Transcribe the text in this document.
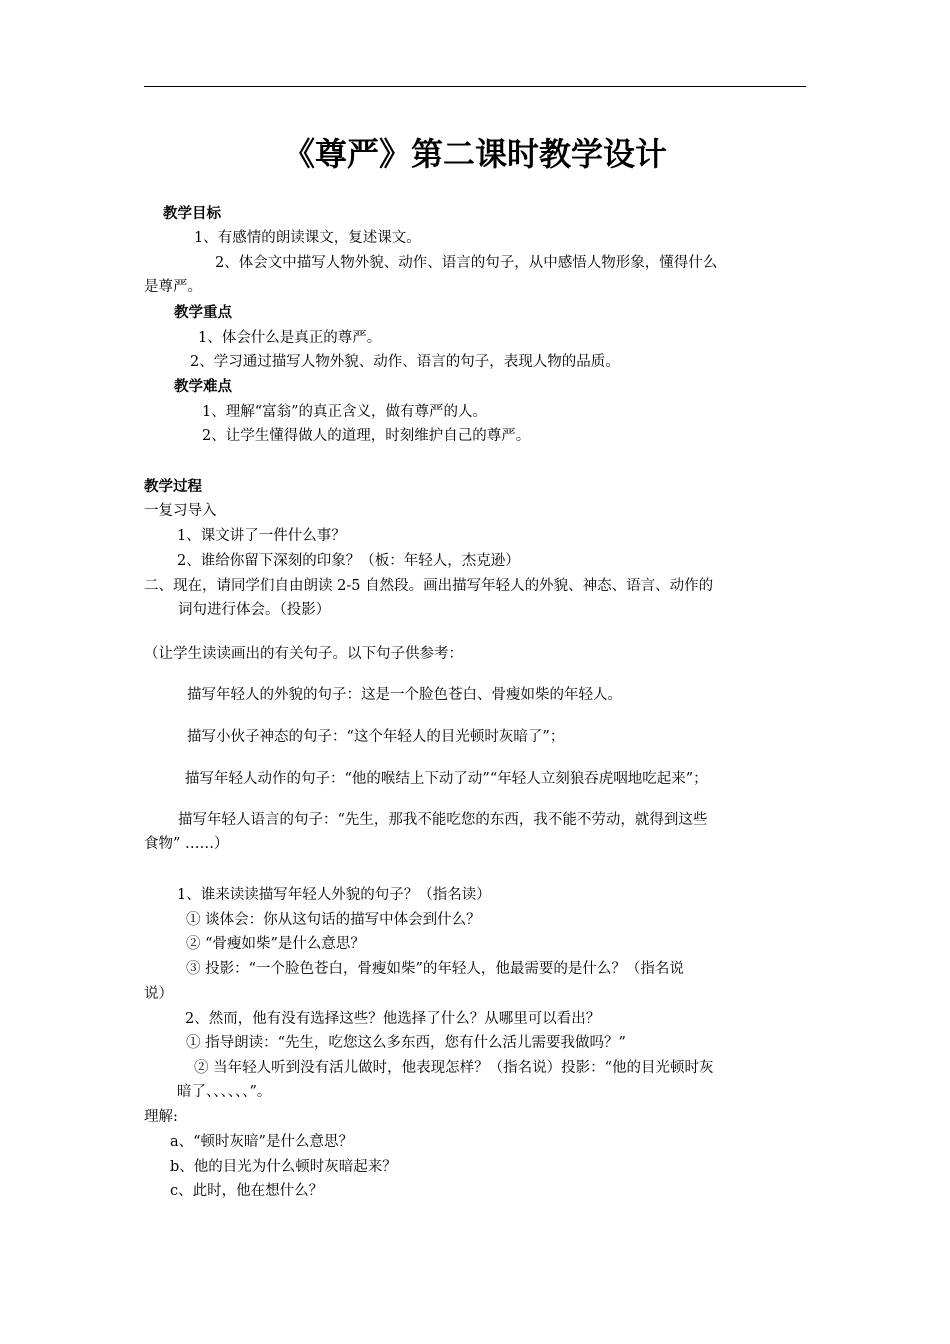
《尊严》第二课时教学设计
教学目标
1、有感情的朗读课文，复述课文。
2、体会文中描写人物外貌、动作、语言的句子，从中感悟人物形象，懂得什么
是尊严。
教学重点
1、体会什么是真正的尊严。
2、学习通过描写人物外貌、动作、语言的句子，表现人物的品质。
教学难点
1、理解“富翁”的真正含义，做有尊严的人。
2、让学生懂得做人的道理，时刻维护自己的尊严。
教学过程
一复习导入
1、课文讲了一件什么事？
2、谁给你留下深刻的印象？（板：年轻人，杰克逊）
二、现在，请同学们自由朗读 2-5 自然段。画出描写年轻人的外貌、神态、语言、动作的
词句进行体会。（投影）
（让学生读读画出的有关句子。以下句子供参考：
描写年轻人的外貌的句子：这是一个脸色苍白、骨瘦如柴的年轻人。
描写小伙子神态的句子：“这个年轻人的目光顿时灰暗了”；
描写年轻人动作的句子：“他的喉结上下动了动”“年轻人立刻狼吞虎咽地吃起来”；
描写年轻人语言的句子：“先生，那我不能吃您的东西，我不能不劳动，就得到这些
食物” ……）
1、谁来读读描写年轻人外貌的句子？（指名读）
① 谈体会：你从这句话的描写中体会到什么？
② “骨瘦如柴”是什么意思？
③ 投影：“一个脸色苍白，骨瘦如柴”的年轻人，他最需要的是什么？（指名说
说）
2、然而，他有没有选择这些？他选择了什么？从哪里可以看出？
① 指导朗读：“先生，吃您这么多东西，您有什么活儿需要我做吗？”
② 当年轻人听到没有活儿做时，他表现怎样？（指名说）投影：“他的目光顿时灰
暗了、、、、、、”。
理解:
a、“顿时灰暗”是什么意思？
b、他的目光为什么顿时灰暗起来？
c、此时，他在想什么？
